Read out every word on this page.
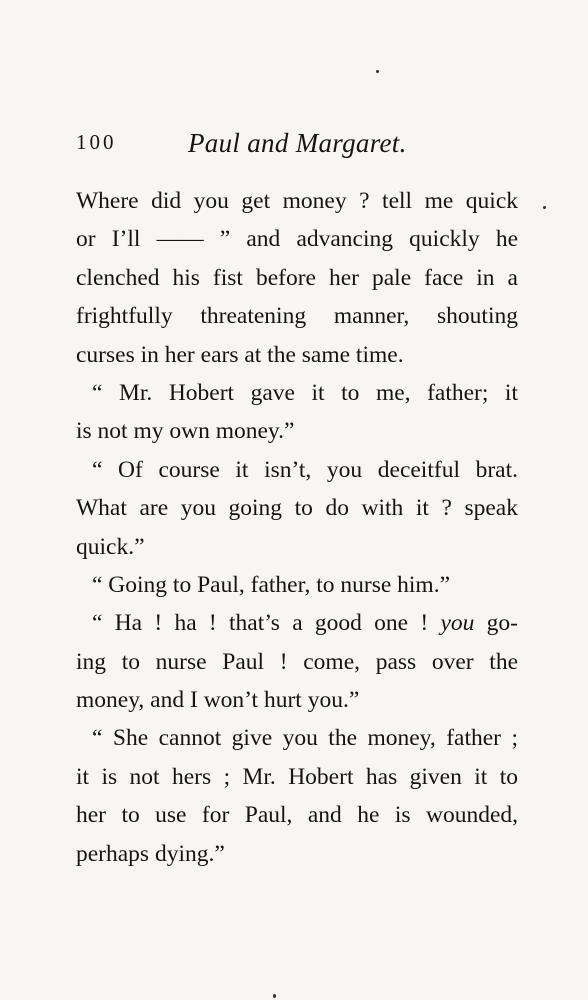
100	Paul and Margaret.
Where did you get money ? tell me quick
or I’ll —— ” and advancing quickly he
clenched his fist before her pale face in a
frightfully threatening manner, shouting
curses in her ears at the same time.
“ Mr. Hobert gave it to me, father; it
is not my own money.”
“ Of course it isn’t, you deceitful brat.
What are you going to do with it ? speak
quick.”
“ Going to Paul, father, to nurse him.”
“ Ha ! ha ! that’s a good one ! you go-
ing to nurse Paul ! come, pass over the
money, and I won’t hurt you.”
“ She cannot give you the money, father ;
it is not hers ; Mr. Hobert has given it to
her to use for Paul, and he is wounded,
perhaps dying.”
